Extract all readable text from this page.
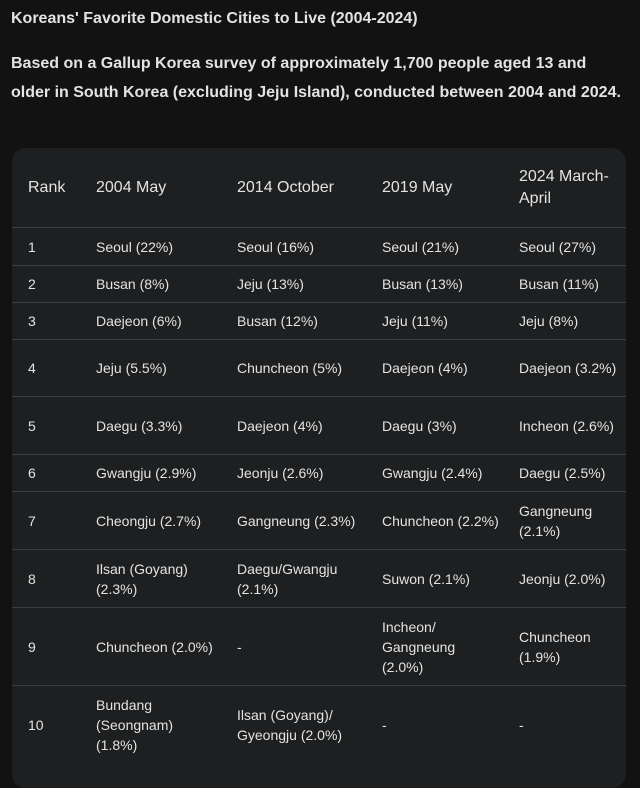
Koreans' Favorite Domestic Cities to Live (2004-2024)
Based on a Gallup Korea survey of approximately 1,700 people aged 13 and older in South Korea (excluding Jeju Island), conducted between 2004 and 2024.
Rank	2004 May	2014 October	2019 May	2024 March-April
1	Seoul (22%)	Seoul (16%)	Seoul (21%)	Seoul (27%)
2	Busan (8%)	Jeju (13%)	Busan (13%)	Busan (11%)
3	Daejeon (6%)	Busan (12%)	Jeju (11%)	Jeju (8%)
4	Jeju (5.5%)	Chuncheon (5%)	Daejeon (4%)	Daejeon (3.2%)
5	Daegu (3.3%)	Daejeon (4%)	Daegu (3%)	Incheon (2.6%)
6	Gwangju (2.9%)	Jeonju (2.6%)	Gwangju (2.4%)	Daegu (2.5%)
7	Cheongju (2.7%)	Gangneung (2.3%)	Chuncheon (2.2%)	Gangneung (2.1%)
8	Ilsan (Goyang) (2.3%)	Daegu/Gwangju (2.1%)	Suwon (2.1%)	Jeonju (2.0%)
9	Chuncheon (2.0%)	-	Incheon/ Gangneung (2.0%)	Chuncheon (1.9%)
10	Bundang (Seongnam) (1.8%)	Ilsan (Goyang)/ Gyeongju (2.0%)	-	-
